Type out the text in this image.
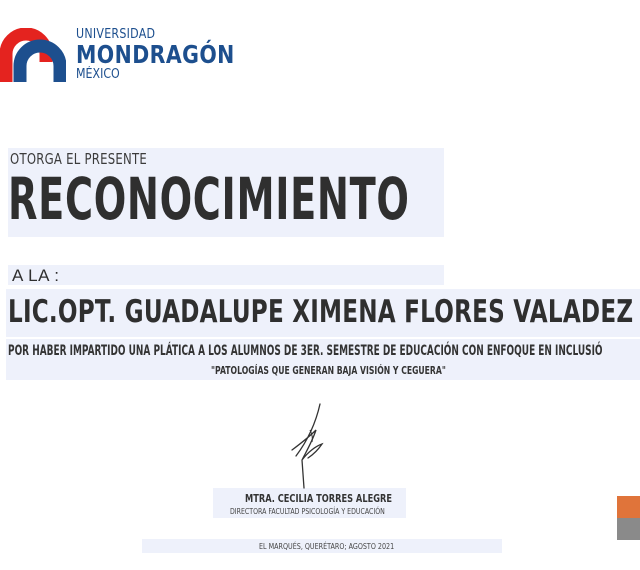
UNIVERSIDAD
MONDRAGÓN
MÉXICO
OTORGA EL PRESENTE
RECONOCIMIENTO
A LA :
LIC.OPT. GUADALUPE XIMENA FLORES VALADEZ
POR HABER IMPARTIDO UNA PLÁTICA A LOS ALUMNOS DE 3ER. SEMESTRE DE EDUCACIÓN CON ENFOQUE EN INCLUSIÓ
"PATOLOGÍAS QUE GENERAN BAJA VISIÓN Y CEGUERA"
MTRA. CECILIA TORRES ALEGRE
DIRECTORA FACULTAD PSICOLOGÍA Y EDUCACIÓN
EL MARQUÉS, QUERÉTARO; AGOSTO 2021
